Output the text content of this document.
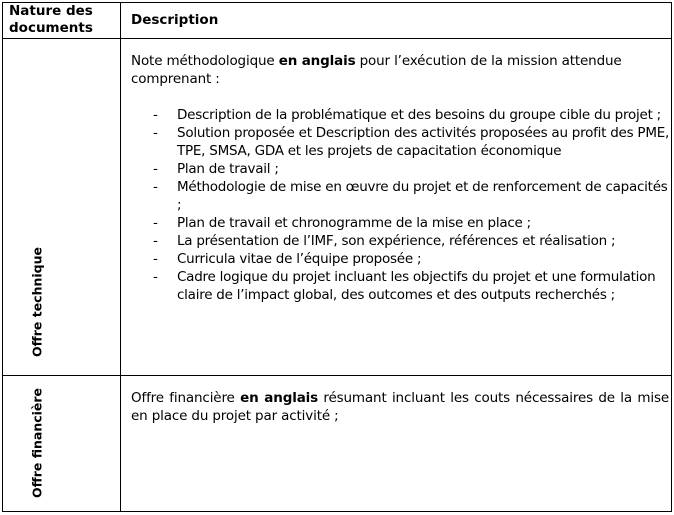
Nature des documents	Description
Offre technique
Note méthodologique en anglais pour l’exécution de la mission attendue comprenant :
- Description de la problématique et des besoins du groupe cible du projet ;
- Solution proposée et Description des activités proposées au profit des PME, TPE, SMSA, GDA et les projets de capacitation économique
- Plan de travail ;
- Méthodologie de mise en œuvre du projet et de renforcement de capacités ;
- Plan de travail et chronogramme de la mise en place ;
- La présentation de l’IMF, son expérience, références et réalisation ;
- Curricula vitae de l’équipe proposée ;
- Cadre logique du projet incluant les objectifs du projet et une formulation claire de l’impact global, des outcomes et des outputs recherchés ;
Offre financière	Offre financière en anglais résumant incluant les couts nécessaires de la mise en place du projet par activité ;
